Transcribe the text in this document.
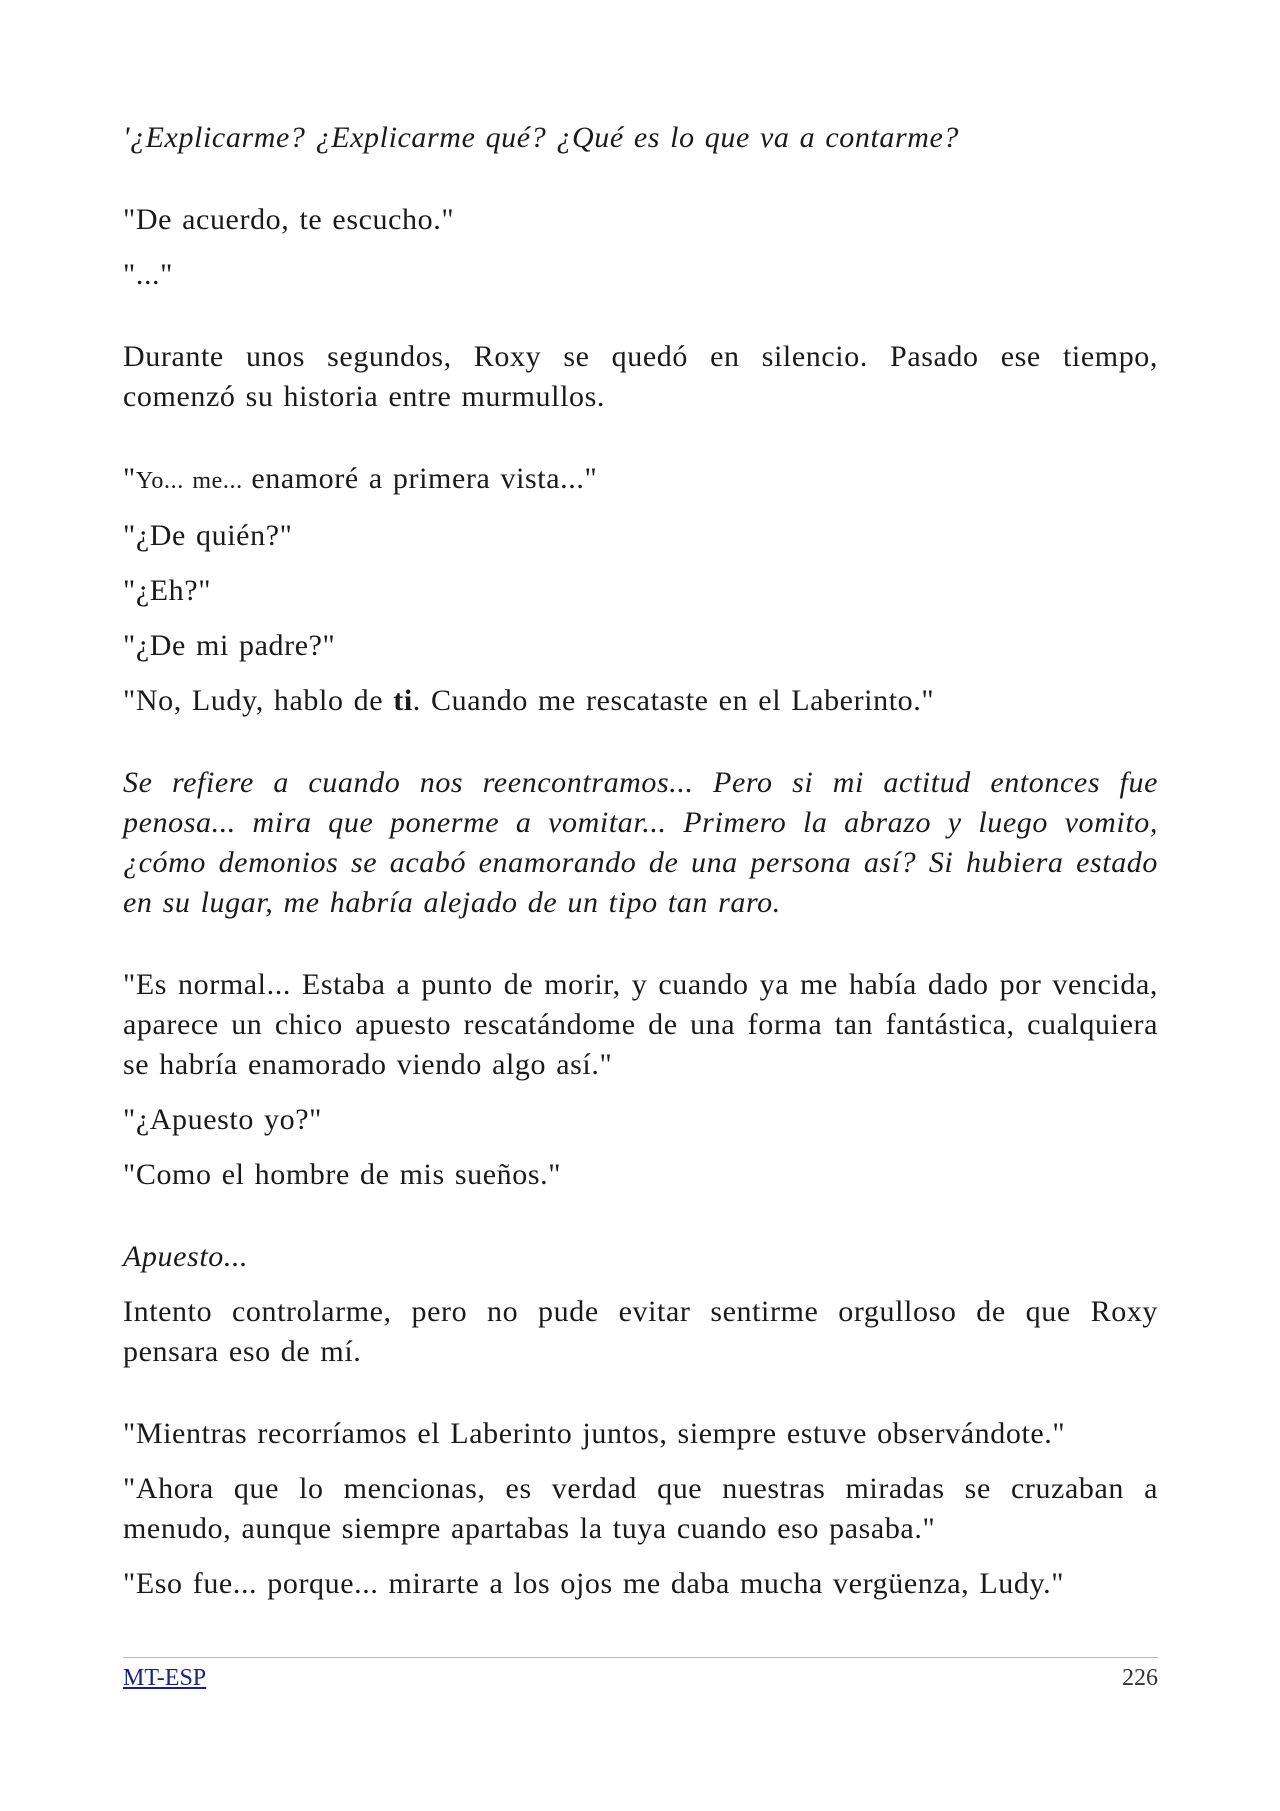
'¿Explicarme? ¿Explicarme qué? ¿Qué es lo que va a contarme?

"De acuerdo, te escucho."

"..."

Durante unos segundos, Roxy se quedó en silencio. Pasado ese tiempo, comenzó su historia entre murmullos.

"Yo... me... enamoré a primera vista..."

"¿De quién?"

"¿Eh?"

"¿De mi padre?"

"No, Ludy, hablo de ti. Cuando me rescataste en el Laberinto."

Se refiere a cuando nos reencontramos... Pero si mi actitud entonces fue penosa... mira que ponerme a vomitar... Primero la abrazo y luego vomito, ¿cómo demonios se acabó enamorando de una persona así? Si hubiera estado en su lugar, me habría alejado de un tipo tan raro.

"Es normal... Estaba a punto de morir, y cuando ya me había dado por vencida, aparece un chico apuesto rescatándome de una forma tan fantástica, cualquiera se habría enamorado viendo algo así."

"¿Apuesto yo?"

"Como el hombre de mis sueños."

Apuesto...

Intento controlarme, pero no pude evitar sentirme orgulloso de que Roxy pensara eso de mí.

"Mientras recorríamos el Laberinto juntos, siempre estuve observándote."

"Ahora que lo mencionas, es verdad que nuestras miradas se cruzaban a menudo, aunque siempre apartabas la tuya cuando eso pasaba."

"Eso fue... porque... mirarte a los ojos me daba mucha vergüenza, Ludy."

MT-ESP	226
